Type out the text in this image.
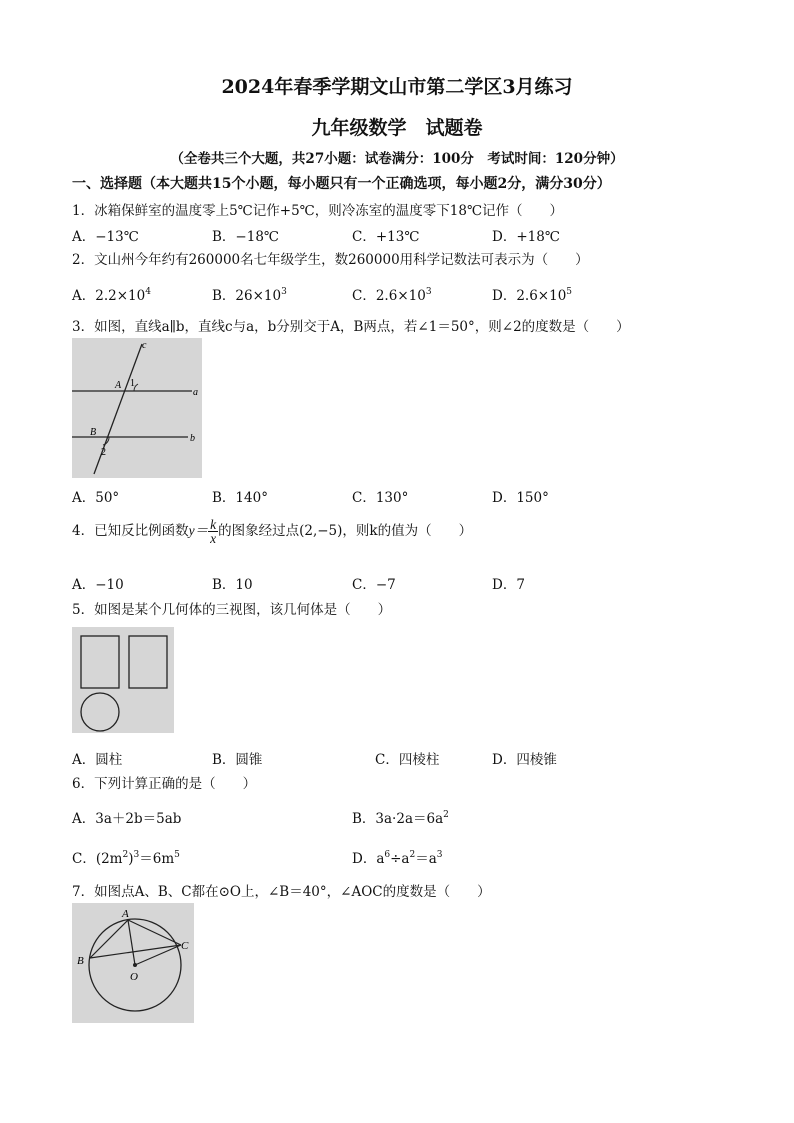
2024年春季学期文山市第二学区3月练习
九年级数学　试题卷
（全卷共三个大题，共27小题：试卷满分：100分　考试时间：120分钟）
一、选择题（本大题共15个小题，每小题只有一个正确选项，每小题2分，满分30分）
1．冰箱保鲜室的温度零上5℃记作+5℃，则冷冻室的温度零下18℃记作（　　）
A．−13℃	B．−18℃	C．+13℃	D．+18℃
2．文山州今年约有260000名七年级学生，数260000用科学记数法可表示为（　　）
A．$2.2\times 10^4$	B．$26\times 10^3$	C．$2.6\times 10^3$	D．$2.6\times 10^5$
3．如图，直线a∥b，直线c与a，b分别交于A，B两点，若∠1＝50°，则∠2的度数是（　　）
c
a
b
A 1
B
2
A．50°	B．140°	C．130°	D．150°
4．已知反比例函数$y= \frac{k}{x}$ 的图象经过点(2,−5)，则k的值为（　　）
A．−10	B．10	C．−7	D．7
5．如图是某个几何体的三视图，该几何体是（　　）
A．圆柱	B．圆锥	C．四棱柱	D．四棱锥
6．下列计算正确的是（　　）
A．3a＋2b＝5ab	B．$3a\cdot 2a=6a^2$
C．$(2m^2)^3=6m^5$	D．$a^6\div a^2=a^3$
7．如图点A、B、C都在⊙O上，∠B＝40°，∠AOC的度数是（　　）
A
B
C
O
